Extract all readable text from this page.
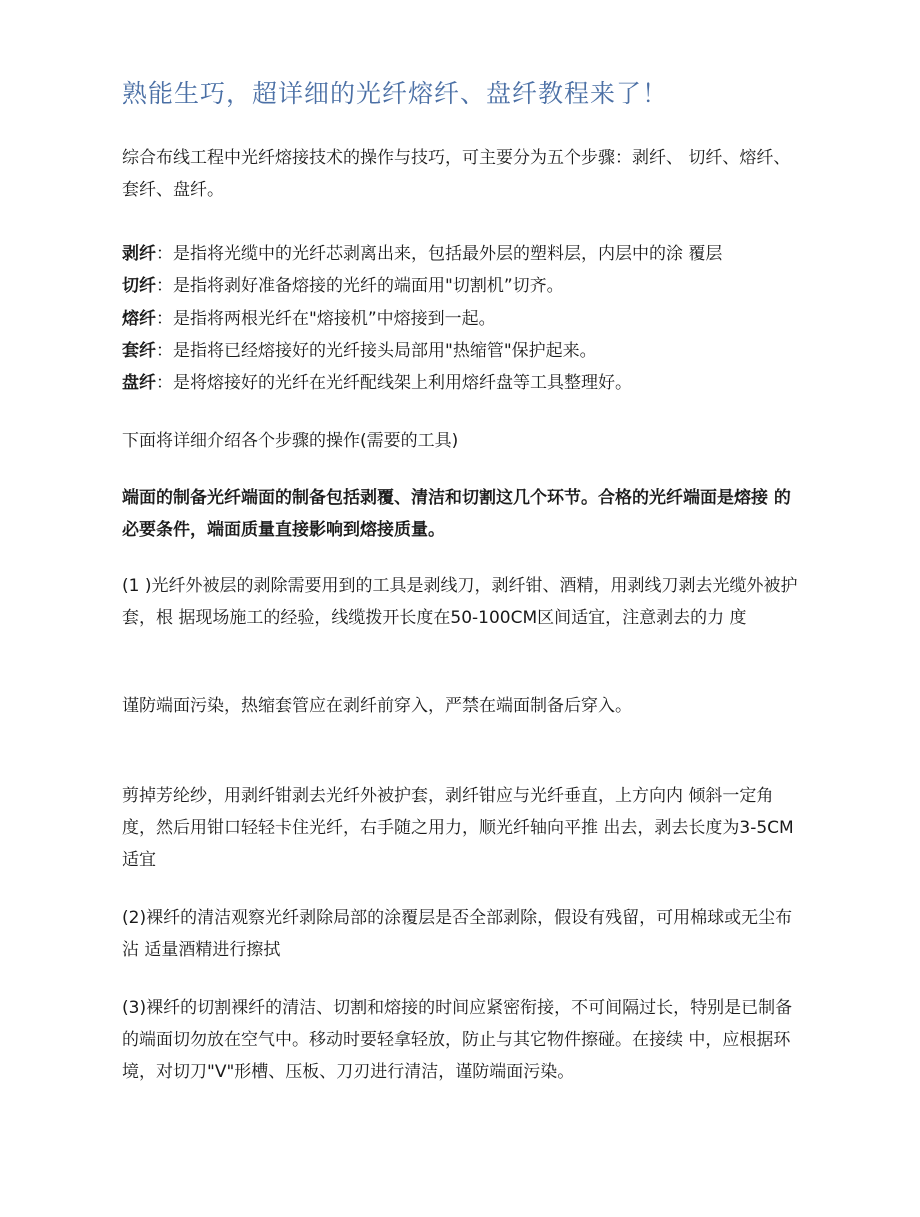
熟能生巧，超详细的光纤熔纤、盘纤教程来了！

综合布线工程中光纤熔接技术的操作与技巧，可主要分为五个步骤：剥纤、 切纤、熔纤、套纤、盘纤。

剥纤：是指将光缆中的光纤芯剥离出来，包括最外层的塑料层，内层中的涂 覆层
切纤：是指将剥好准备熔接的光纤的端面用"切割机”切齐。
熔纤：是指将两根光纤在"熔接机”中熔接到一起。
套纤：是指将已经熔接好的光纤接头局部用"热缩管"保护起来。
盘纤：是将熔接好的光纤在光纤配线架上利用熔纤盘等工具整理好。
下面将详细介绍各个步骤的操作(需要的工具)

端面的制备光纤端面的制备包括剥覆、清洁和切割这几个环节。合格的光纤端面是熔接 的必要条件，端面质量直接影响到熔接质量。

(1 )光纤外被层的剥除需要用到的工具是剥线刀，剥纤钳、酒精，用剥线刀剥去光缆外被护套，根 据现场施工的经验，线缆拨开长度在50-100CM区间适宜，注意剥去的力 度

谨防端面污染，热缩套管应在剥纤前穿入，严禁在端面制备后穿入。

剪掉芳纶纱，用剥纤钳剥去光纤外被护套，剥纤钳应与光纤垂直，上方向内 倾斜一定角度，然后用钳口轻轻卡住光纤，右手随之用力，顺光纤轴向平推 出去，剥去长度为3-5CM适宜

(2)裸纤的清洁观察光纤剥除局部的涂覆层是否全部剥除，假设有残留，可用棉球或无尘布沾 适量酒精进行擦拭

(3)裸纤的切割裸纤的清洁、切割和熔接的时间应紧密衔接，不可间隔过长，特别是已制备 的端面切勿放在空气中。移动时要轻拿轻放，防止与其它物件擦碰。在接续 中，应根据环境，对切刀"V"形槽、压板、刀刃进行清洁，谨防端面污染。
